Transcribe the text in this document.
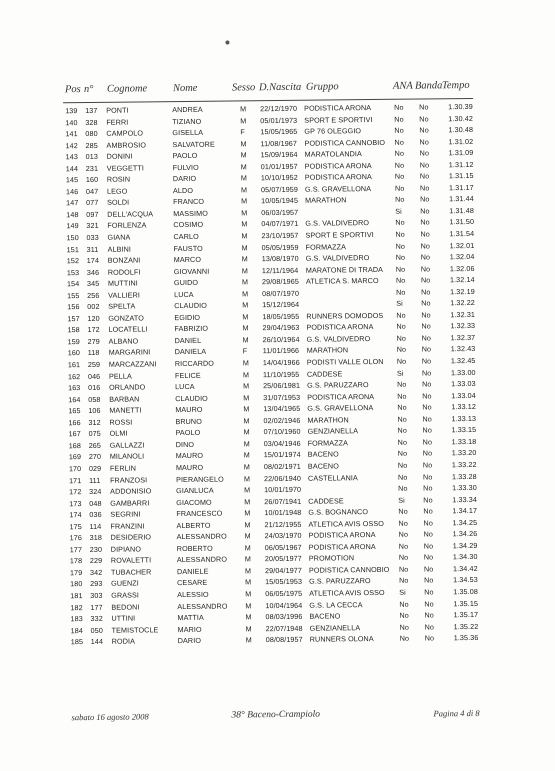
Pos n° Cognome Nome	Sesso D.Nascita Gruppo	ANA Banda Tempo
139 137 PONTI	ANDREA	M 22/12/1970 PODISTICA ARONA	No No	1.30.39
140 328 FERRI	TIZIANO	M 05/01/1973 SPORT E SPORTIVI	No No	1.30.42
141 080 CAMPOLO	GISELLA	F 15/05/1965 GP 76 OLEGGIO	No No	1.30.48
142 285 AMBROSIO	SALVATORE	M 11/08/1967 PODISTICA CANNOBIO No No	1.31.02
143 013 DONINI	PAOLO	M 15/09/1964 MARATOLANDIA	No No	1.31.09
144 231 VEGGETTI	FULVIO	M 01/01/1957 PODISTICA ARONA	No No	1.31.12
145 160 ROSIN	DARIO	M 10/10/1952 PODISTICA ARONA	No No	1.31.15
146 047 LEGO	ALDO	M 05/07/1959 G.S. GRAVELLONA	No No	1.31.17
147 077 SOLDI	FRANCO	M 10/05/1945 MARATHON	No No	1.31.44
148 097 DELL'ACQUA	MASSIMO	M 06/03/1957	Si	No	1.31.48
149 321 FORLENZA	COSIMO	M 04/07/1971 G.S. VALDIVEDRO	No No	1.31.50
150 033 GIANA	CARLO	M 23/10/1957 SPORT E SPORTIVI	No No	1.31.54
151 311 ALBINI	FAUSTO	M 05/05/1959 FORMAZZA	No No	1.32.01
152 174 BONZANI	MARCO	M 13/08/1970 G.S. VALDIVEDRO	No No	1.32.04
153 346 RODOLFI	GIOVANNI	M 12/11/1964 MARATONE DI TRADA No No	1.32.06
154 345 MUTTINI	GUIDO	M 29/08/1965 ATLETICA S. MARCO No No	1.32.14
155 256 VALLIERI	LUCA	M 08/07/1970	No No	1.32.19
156 002 SPELTA	CLAUDIO	M 15/12/1964	Si	No	1.32.22
157 120 GONZATO	EGIDIO	M 18/05/1955 RUNNERS DOMODOS No No	1.32.31
158 172 LOCATELLI	FABRIZIO	M 29/04/1963 PODISTICA ARONA	No No	1.32.33
159 279 ALBANO	DANIEL	M 26/10/1964 G.S. VALDIVEDRO	No No	1.32.37
160 118 MARGARINI	DANIELA	F 11/01/1966 MARATHON	No No	1.32.43
161 259 MARCAZZANI	RICCARDO	M 14/04/1966 PODISTI VALLE OLON No No	1.32.45
162 046 PELLA	FELICE	M 11/10/1955 CADDESE	Si	No	1.33.00
163 016 ORLANDO	LUCA	M 25/06/1981 G.S. PARUZZARO	No No	1.33.03
164 058 BARBAN	CLAUDIO	M 31/07/1953 PODISTICA ARONA	No No	1.33.04
165 106 MANETTI	MAURO	M 13/04/1965 G.S. GRAVELLONA	No No	1.33.12
166 312 ROSSI	BRUNO	M 02/02/1946 MARATHON	No No	1.33.13
167 075 OLMI	PAOLO	M 07/10/1960 GENZIANELLA	No No	1.33.15
168 265 GALLAZZI	DINO	M 03/04/1946 FORMAZZA	No No	1.33.18
169 270 MILANOLI	MAURO	M 15/01/1974 BACENO	No No	1.33.20
170 029 FERLIN	MAURO	M 08/02/1971 BACENO	No No	1.33.22
171 111 FRANZOSI	PIERANGELO	M 22/06/1940 CASTELLANIA	No No	1.33.28
172 324 ADDONISIO	GIANLUCA	M 10/01/1970	No No	1.33.30
173 048 GAMBARRI	GIACOMO	M 26/07/1941 CADDESE	Si	No	1.33.34
174 036 SEGRINI	FRANCESCO	M 10/01/1948 G.S. BOGNANCO	No No	1.34.17
175 114 FRANZINI	ALBERTO	M 21/12/1955 ATLETICA AVIS OSSO No No	1.34.25
176 318 DESIDERIO	ALESSANDRO M 24/03/1970 PODISTICA ARONA	No No	1.34.26
177 230 DIPIANO	ROBERTO	M 06/05/1967 PODISTICA ARONA	No No	1.34.29
178 229 ROVALETTI	ALESSANDRO M 20/05/1977 PROMOTION	No No	1.34.30
179 342 TUBACHER	DANIELE	M 29/04/1977 PODISTICA CANNOBIO No No	1.34.42
180 293 GUENZI	CESARE	M 15/05/1953 G.S. PARUZZARO	No No	1.34.53
181 303 GRASSI	ALESSIO	M 06/05/1975 ATLETICA AVIS OSSO Si	No	1.35.08
182 177 BEDONI	ALESSANDRO M 10/04/1964 G.S. LA CECCA	No No	1.35.15
183 332 UTTINI	MATTIA	M 08/03/1996 BACENO	No No	1.35.17
184 050 TEMISTOCLE	MARIO	M 22/07/1948 GENZIANELLA	No No	1.35.22
185 144 RODIA	DARIO	M 08/08/1957 RUNNERS OLONA	No No	1.35.36
sabato 16 agosto 2008	38° Baceno-Crampiolo	Pagina 4 di 8
